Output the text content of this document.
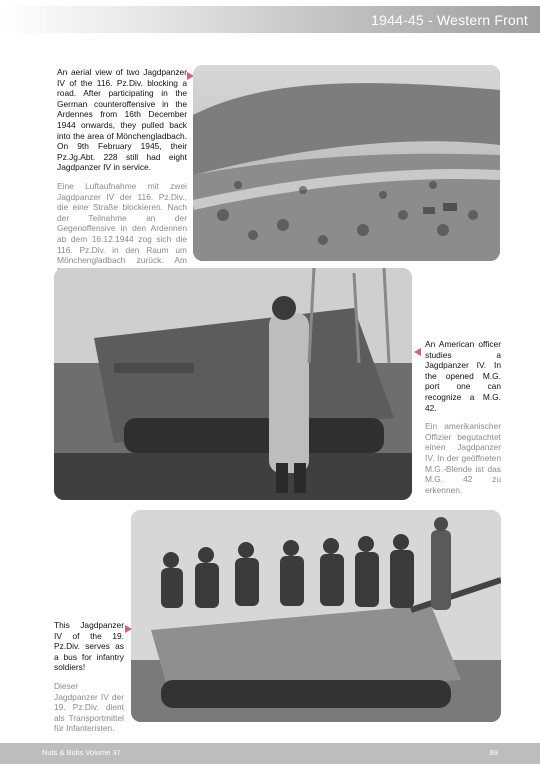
1944-45 - Western Front

An aerial view of two Jagdpanzer IV of the 116. Pz.Div. blocking a road. After participating in the German counteroffensive in the Ardennes from 16th December 1944 onwards, they pulled back into the area of Mönchengladbach. On 9th February 1945, their Pz.Jg.Abt. 228 still had eight Jagdpanzer IV in service.

Eine Luftaufnahme mit zwei Jagdpanzer IV der 116. Pz.Div., die eine Straße blockieren. Nach der Teilnahme an der Gegenoffensive in den Ardennen ab dem 16.12.1944 zog sich die 116. Pz.Div. in den Raum um Mönchengladbach zurück. Am

An American officer studies a Jagdpanzer IV. In the opened M.G. port one can recognize a M.G. 42.

Ein amerikanischer Offizier begutachtet einen Jagdpanzer IV. In der geöffneten M.G.-Blende ist das M.G. 42 zu erkennen.

This Jagdpanzer IV of the 19. Pz.Div. serves as a bus for infantry soldiers!

Dieser Jagdpanzer IV der 19. Pz.Div. dient als Transportmittel für Infanteristen.

Nuts & Bolts Volume 37	89
